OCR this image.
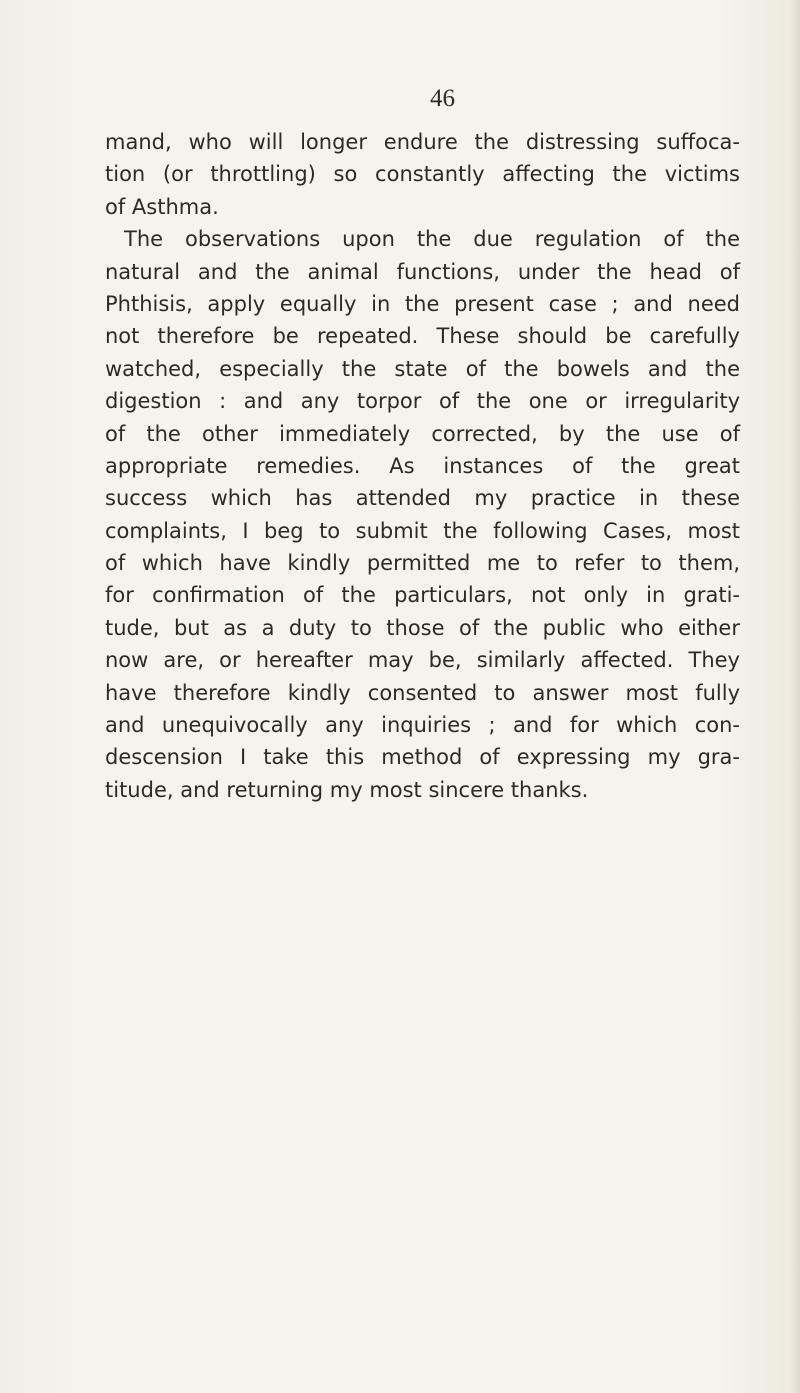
46
mand, who will longer endure the distressing suffoca-
tion (or throttling) so constantly affecting the victims
of Asthma.
The observations upon the due regulation of the
natural and the animal functions, under the head of
Phthisis, apply equally in the present case ; and need
not therefore be repeated. These should be carefully
watched, especially the state of the bowels and the
digestion : and any torpor of the one or irregularity
of the other immediately corrected, by the use of
appropriate remedies. As instances of the great
success which has attended my practice in these
complaints, I beg to submit the following Cases, most
of which have kindly permitted me to refer to them,
for confirmation of the particulars, not only in grati-
tude, but as a duty to those of the public who either
now are, or hereafter may be, similarly affected. They
have therefore kindly consented to answer most fully
and unequivocally any inquiries ; and for which con-
descension I take this method of expressing my gra-
titude, and returning my most sincere thanks.
